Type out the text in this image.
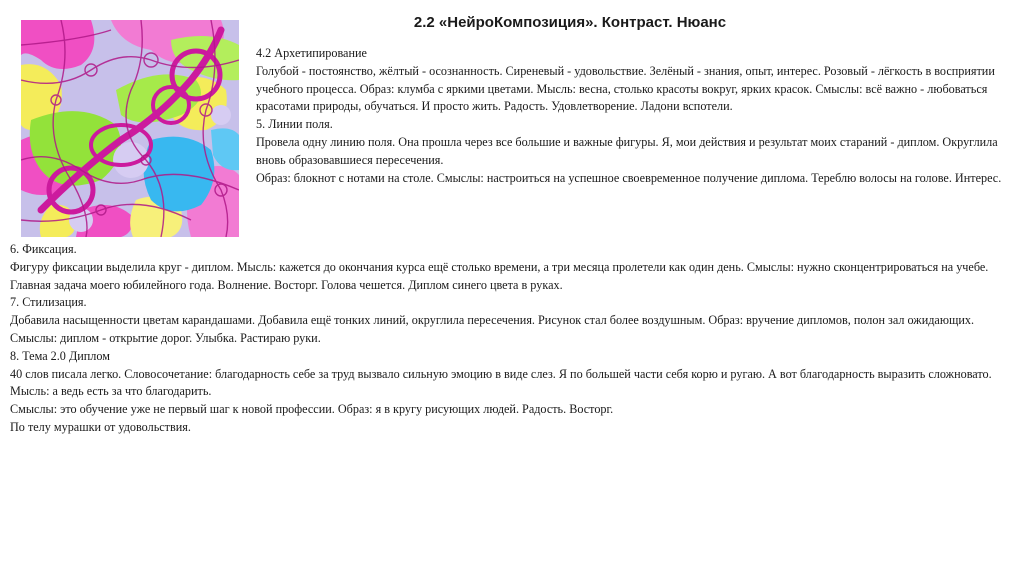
2.2 «НейроКомпозиция». Контраст. Нюанс
4.2 Архетипирование
Голубой - постоянство, жёлтый - осознанность. Сиреневый - удовольствие. Зелёный - знания, опыт, интерес. Розовый - лёгкость в восприятии учебного процесса. Образ: клумба с яркими цветами. Мысль: весна, столько красоты вокруг, ярких красок. Смыслы: всё важно - любоваться красотами природы, обучаться. И просто жить. Радость. Удовлетворение. Ладони вспотели.
5. Линии поля.
Провела одну линию поля. Она прошла через все большие и важные фигуры. Я, мои действия и результат моих стараний - диплом. Округлила вновь образовавшиеся пересечения.
Образ: блокнот с нотами на столе. Смыслы: настроиться на успешное своевременное получение диплома. Тереблю волосы на голове. Интерес.
6. Фиксация.
Фигуру фиксации выделила круг - диплом. Мысль: кажется до окончания курса ещё столько времени, а три месяца пролетели как один день. Смыслы: нужно сконцентрироваться на учебе. Главная задача моего юбилейного года. Волнение. Восторг. Голова чешется. Диплом синего цвета в руках.
7. Стилизация.
Добавила насыщенности цветам карандашами. Добавила ещё тонких линий, округлила пересечения. Рисунок стал более воздушным. Образ: вручение дипломов, полон зал ожидающих. Смыслы: диплом - открытие дорог. Улыбка. Растираю руки.
8. Тема 2.0 Диплом
40 слов писала легко. Словосочетание: благодарность себе за труд вызвало сильную эмоцию в виде слез. Я по большей части себя корю и ругаю. А вот благодарность выразить сложновато. Мысль: а ведь есть за что благодарить.
Смыслы: это обучение уже не первый шаг к новой профессии. Образ: я в кругу рисующих людей. Радость. Восторг.
По телу мурашки от удовольствия.
